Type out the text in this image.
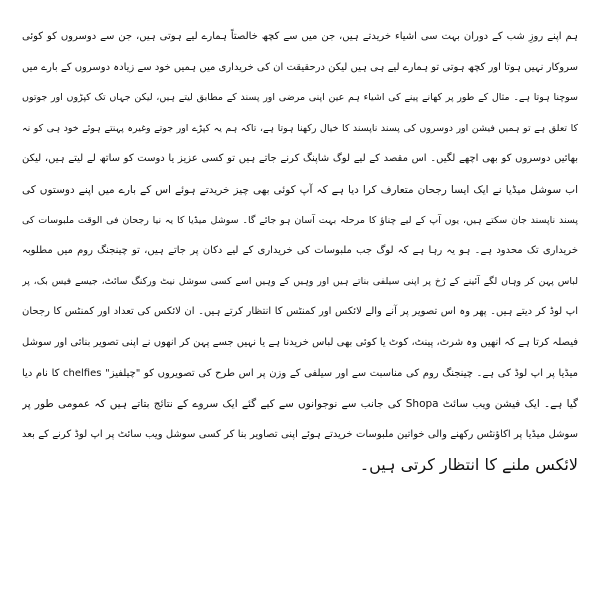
ہم اپنے روزِ شب کے دوران بہت سی اشیاء خریدتے ہیں، جن میں سے کچھ خالصتاً ہمارے لیے ہوتی ہیں، جن سے دوسروں کو کوئی
سروکار نہیں ہوتا اور کچھ ہوتی تو ہمارے لیے ہی ہیں لیکن درحقیقت ان کی خریداری میں ہمیں خود سے زیادہ دوسروں کے بارے میں
سوچنا ہوتا ہے۔ مثال کے طور پر کھانے پینے کی اشیاء ہم عین اپنی مرضی اور پسند کے مطابق لیتے ہیں، لیکن جہاں تک کپڑوں اور جوتوں
کا تعلق ہے تو ہمیں فیشن اور دوسروں کی پسند ناپسند کا خیال رکھنا ہوتا ہے، تاکہ ہم یہ کپڑے اور جوتے وغیرہ پہنتے ہوئے خود ہی کو نہ
بھائیں دوسروں کو بھی اچھے لگیں۔ اس مقصد کے لیے لوگ شاپنگ کرنے جاتے ہیں تو کسی عزیز یا دوست کو ساتھ لے لیتے ہیں، لیکن
اب سوشل میڈیا نے ایک ایسا رجحان متعارف کرا دیا ہے کہ آپ کوئی بھی چیز خریدتے ہوئے اس کے بارے میں اپنے دوستوں کی
پسند ناپسند جان سکتے ہیں، یوں آپ کے لیے چناؤ کا مرحلہ بہت آسان ہو جائے گا۔ سوشل میڈیا کا یہ نیا رجحان فی الوقت ملبوسات کی
خریداری تک محدود ہے۔ ہو یہ رہا ہے کہ لوگ جب ملبوسات کی خریداری کے لیے دکان پر جاتے ہیں، تو چینجنگ روم میں مطلوبہ
لباس پہن کر وہاں لگے آئینے کے رُخ پر اپنی سیلفی بناتے ہیں اور وہیں کے وہیں اسے کسی سوشل نیٹ ورکنگ سائٹ، جیسے فیس بک، پر
اپ لوڈ کر دیتے ہیں۔ پھر وہ اس تصویر پر آنے والے لائکس اور کمنٹس کا انتظار کرتے ہیں۔ ان لائکس کی تعداد اور کمنٹس کا رجحان
فیصلہ کرتا ہے کہ انھیں وہ شرٹ، پینٹ، کوٹ یا کوئی بھی لباس خریدنا ہے یا نہیں جسے پہن کر انھوں نے اپنی تصویر بنائی اور سوشل
میڈیا پر اپ لوڈ کی ہے۔ چینجنگ روم کی مناسبت سے اور سیلفی کے وزن پر اس طرح کی تصویروں کو "چیلفیز" chelfies کا نام دیا
گیا ہے۔ ایک فیشن ویب سائٹ Shopa کی جانب سے نوجوانوں سے کیے گئے ایک سروے کے نتائج بتاتے ہیں کہ عمومی طور پر
سوشل میڈیا پر اکاؤنٹس رکھنے والی خواتین ملبوسات خریدتے ہوئے اپنی تصاویر بنا کر کسی سوشل ویب سائٹ پر اپ لوڈ کرنے کے بعد
لائکس ملنے کا انتظار کرتی ہیں۔
